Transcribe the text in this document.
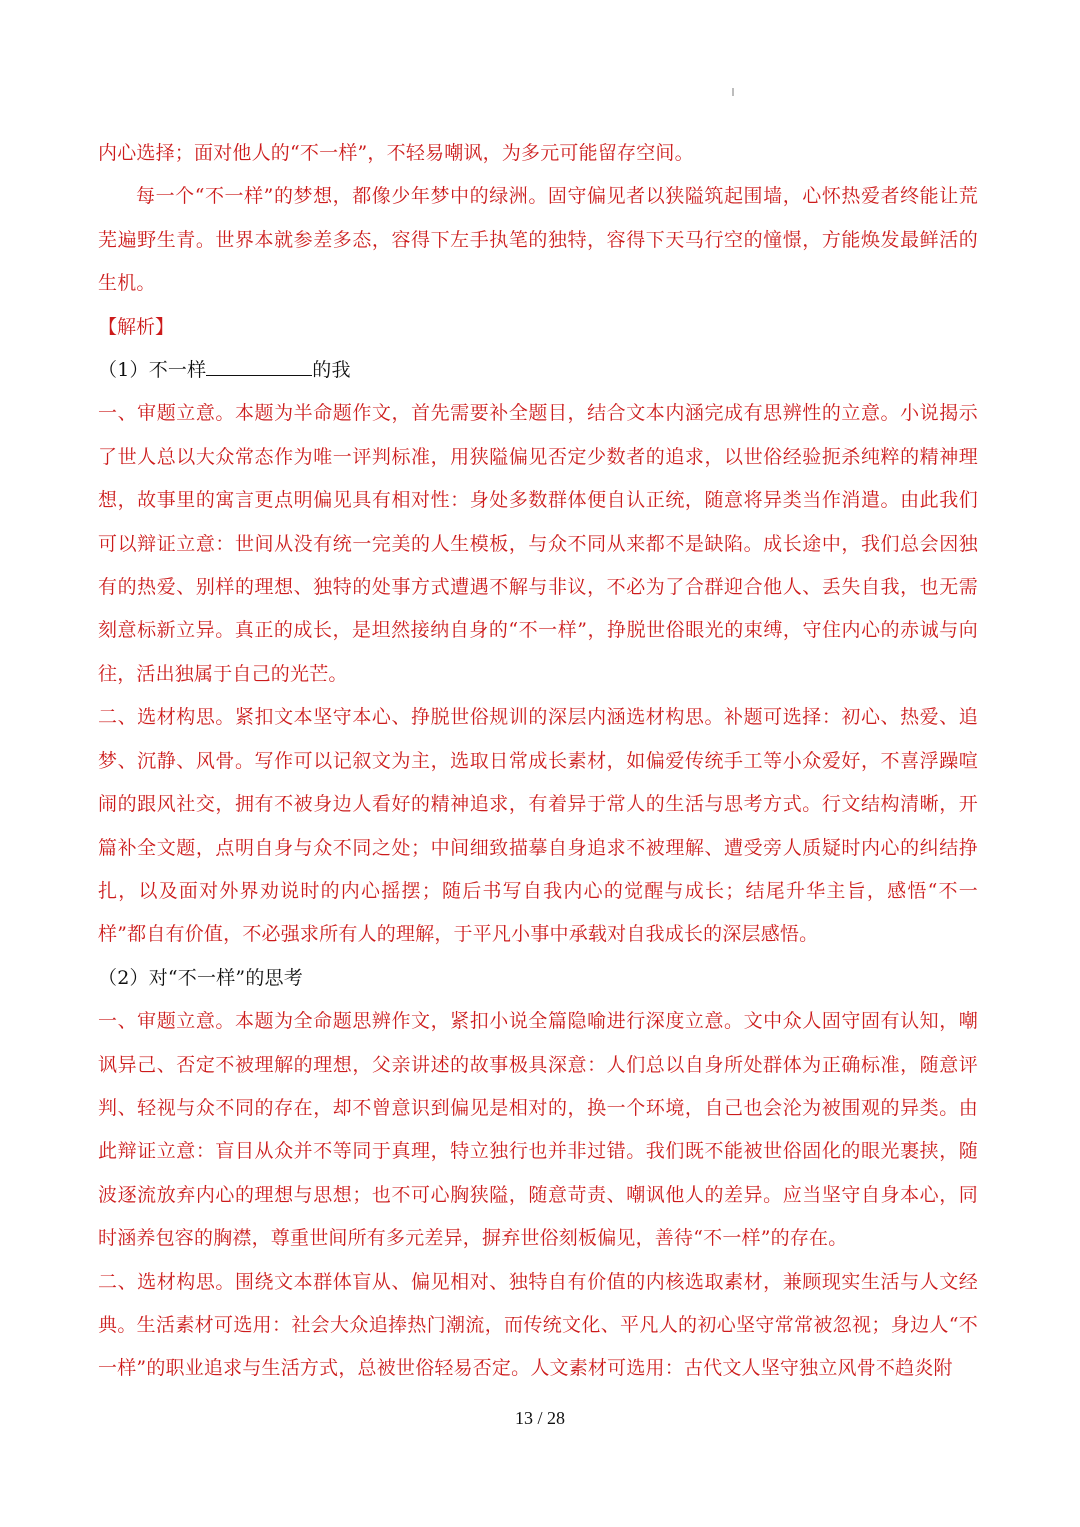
内心选择；面对他人的“不一样”，不轻易嘲讽，为多元可能留存空间。

每一个“不一样”的梦想，都像少年梦中的绿洲。固守偏见者以狭隘筑起围墙，心怀热爱者终能让荒芜遍野生青。世界本就参差多态，容得下左手执笔的独特，容得下天马行空的憧憬，方能焕发最鲜活的生机。

【解析】

（1）不一样	的我

一、审题立意。本题为半命题作文，首先需要补全题目，结合文本内涵完成有思辨性的立意。小说揭示了世人总以大众常态作为唯一评判标准，用狭隘偏见否定少数者的追求，以世俗经验扼杀纯粹的精神理想，故事里的寓言更点明偏见具有相对性：身处多数群体便自认正统，随意将异类当作消遣。由此我们可以辩证立意：世间从没有统一完美的人生模板，与众不同从来都不是缺陷。成长途中，我们总会因独有的热爱、别样的理想、独特的处事方式遭遇不解与非议，不必为了合群迎合他人、丢失自我，也无需刻意标新立异。真正的成长，是坦然接纳自身的“不一样”，挣脱世俗眼光的束缚，守住内心的赤诚与向往，活出独属于自己的光芒。

二、选材构思。紧扣文本坚守本心、挣脱世俗规训的深层内涵选材构思。补题可选择：初心、热爱、追梦、沉静、风骨。写作可以记叙文为主，选取日常成长素材，如偏爱传统手工等小众爱好，不喜浮躁喧闹的跟风社交，拥有不被身边人看好的精神追求，有着异于常人的生活与思考方式。行文结构清晰，开篇补全文题，点明自身与众不同之处；中间细致描摹自身追求不被理解、遭受旁人质疑时内心的纠结挣扎，以及面对外界劝说时的内心摇摆；随后书写自我内心的觉醒与成长；结尾升华主旨，感悟“不一样”都自有价值，不必强求所有人的理解，于平凡小事中承载对自我成长的深层感悟。

（2）对“不一样”的思考

一、审题立意。本题为全命题思辨作文，紧扣小说全篇隐喻进行深度立意。文中众人固守固有认知，嘲讽异己、否定不被理解的理想，父亲讲述的故事极具深意：人们总以自身所处群体为正确标准，随意评判、轻视与众不同的存在，却不曾意识到偏见是相对的，换一个环境，自己也会沦为被围观的异类。由此辩证立意：盲目从众并不等同于真理，特立独行也并非过错。我们既不能被世俗固化的眼光裹挟，随波逐流放弃内心的理想与思想；也不可心胸狭隘，随意苛责、嘲讽他人的差异。应当坚守自身本心，同时涵养包容的胸襟，尊重世间所有多元差异，摒弃世俗刻板偏见，善待“不一样”的存在。

二、选材构思。围绕文本群体盲从、偏见相对、独特自有价值的内核选取素材，兼顾现实生活与人文经典。生活素材可选用：社会大众追捧热门潮流，而传统文化、平凡人的初心坚守常常被忽视；身边人“不一样”的职业追求与生活方式，总被世俗轻易否定。人文素材可选用：古代文人坚守独立风骨不趋炎附

13 / 28
